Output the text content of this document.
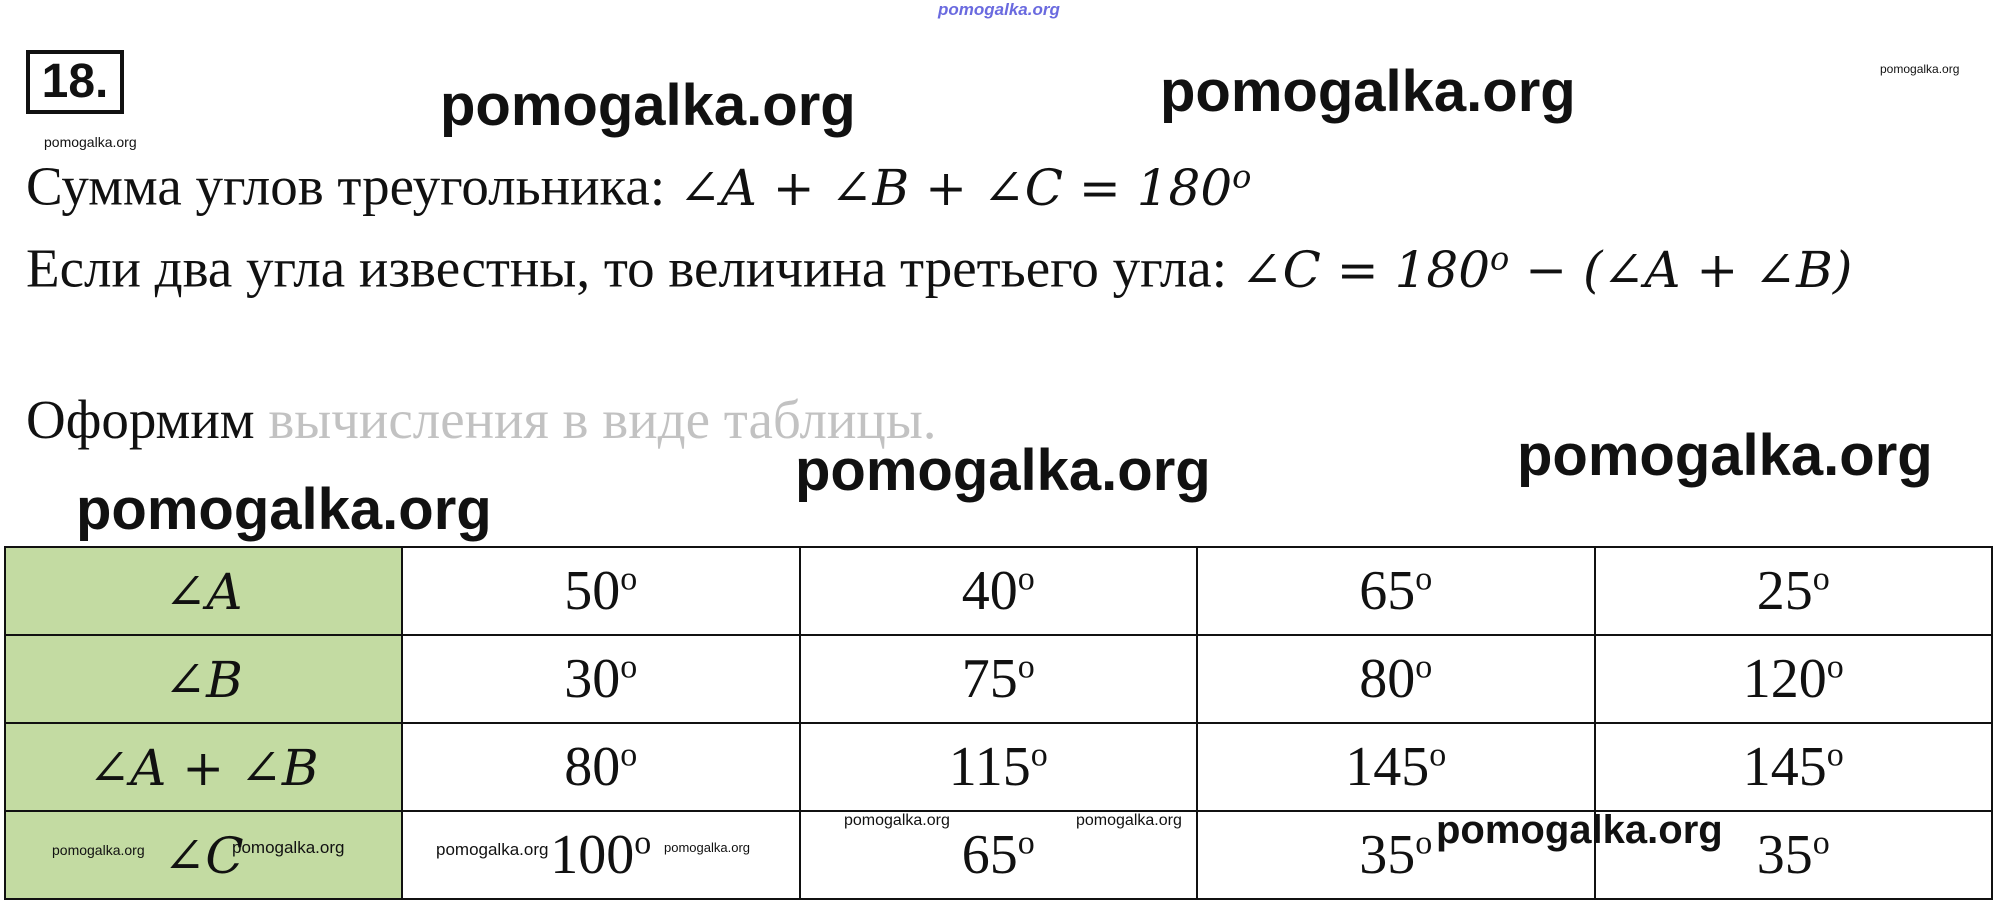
pomogalka.org
18.
pomogalka.org
pomogalka.org
pomogalka.org	pomogalka.org
Сумма углов треугольника: ∠A + ∠B + ∠C = $180^o$
Если два угла известны, то величина третьего угла: ∠C = $180^o$ − (∠A + ∠B)
Оформим вычисления в виде таблицы.
pomogalka.org	pomogalka.org
pomogalka.org
∠A	50$^o$	40$^o$	65$^o$	25$^o$
∠B	30$^o$	75$^o$	80$^o$	120$^o$
∠A + ∠B	80$^o$	115$^o$	145$^o$	145$^o$
∠C	100$^o$	65$^o$	35$^o$	35$^o$
pomogalka.org	pomogalka.org	pomogalka.org	pomogalka.org
pomogalka.org	pomogalka.org	pomogalka.org
